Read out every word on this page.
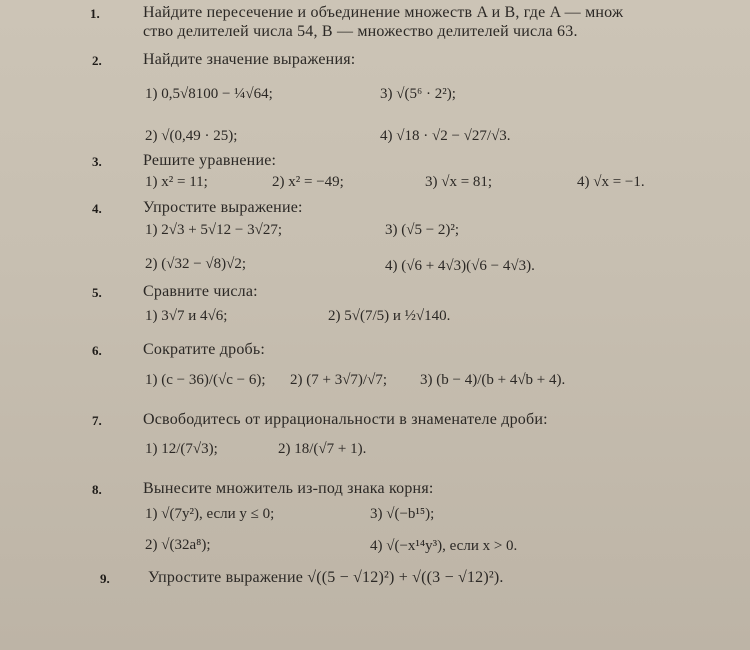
1.	Найдите пересечение и объединение множеств A и B, где A — множ
ство делителей числа 54, B — множество делителей числа 63.
2.	Найдите значение выражения:
1) 0,5√8100 − ¼√64;	3) √(5⁶ · 2²);
2) √(0,49 · 25);	4) √18 · √2 − √27/√3.
3.	Решите уравнение:
1) x² = 11;	2) x² = −49;	3) √x = 81;	4) √x = −1.
4.	Упростите выражение:
1) 2√3 + 5√12 − 3√27;	3) (√5 − 2)²;
2) (√32 − √8)√2;	4) (√6 + 4√3)(√6 − 4√3).
5.	Сравните числа:
1) 3√7 и 4√6;	2) 5√(7/5) и ½√140.
6.	Сократите дробь:
1) (c − 36)/(√c − 6); 2) (7 + 3√7)/√7; 3) (b − 4)/(b + 4√b + 4).
7.	Освободитесь от иррациональности в знаменателе дроби:
1) 12/(7√3);	2) 18/(√7 + 1).
8.	Вынесите множитель из-под знака корня:
1) √(7y²), если y ≤ 0;	3) √(−b¹⁵);
2) √(32a⁸);	4) √(−x¹⁴y³), если x > 0.
9. Упростите выражение √((5 − √12)²) + √((3 − √12)²).
